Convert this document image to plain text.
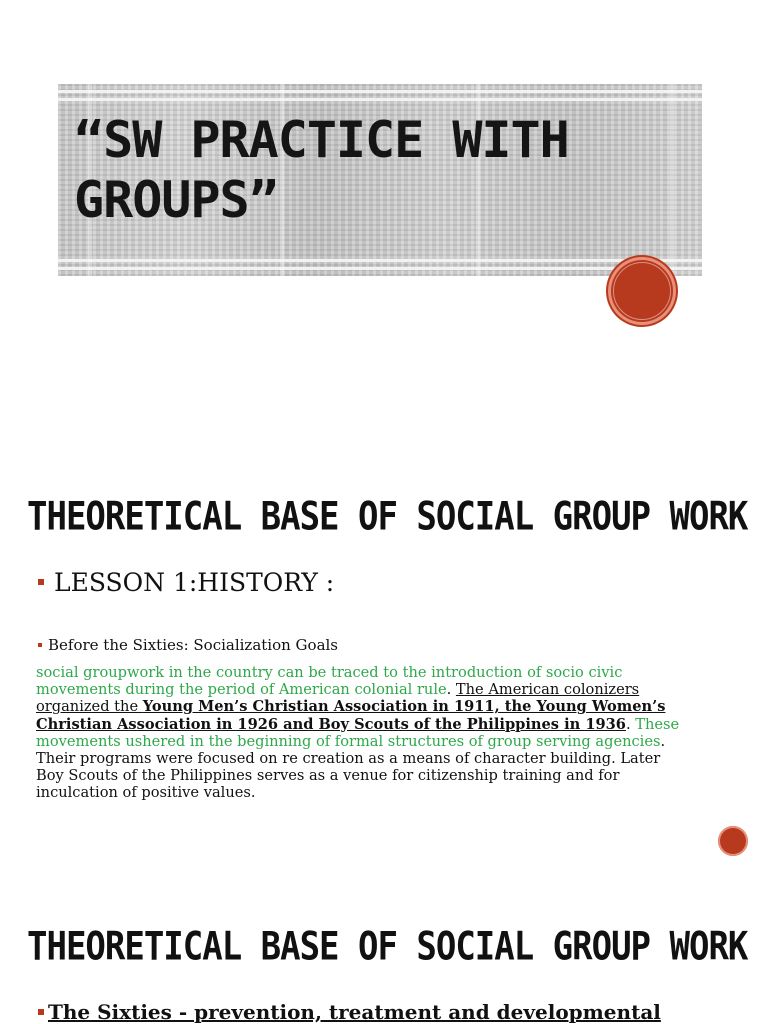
“SW PRACTICE WITH GROUPS”
THEORETICAL BASE OF SOCIAL GROUP WORK
LESSON 1:HISTORY :
Before the Sixties: Socialization Goals

social groupwork in the country can be traced to the introduction of socio civic movements during the period of American colonial rule. The American colonizers organized the Young Men’s Christian Association in 1911, the Young Women’s Christian Association in 1926 and Boy Scouts of the Philippines in 1936. These movements ushered in the beginning of formal structures of group serving agencies. Their programs were focused on re creation as a means of character building. Later Boy Scouts of the Philippines serves as a venue for citizenship training and for inculcation of positive values.

THEORETICAL BASE OF SOCIAL GROUP WORK
The Sixties - prevention, treatment and developmental
